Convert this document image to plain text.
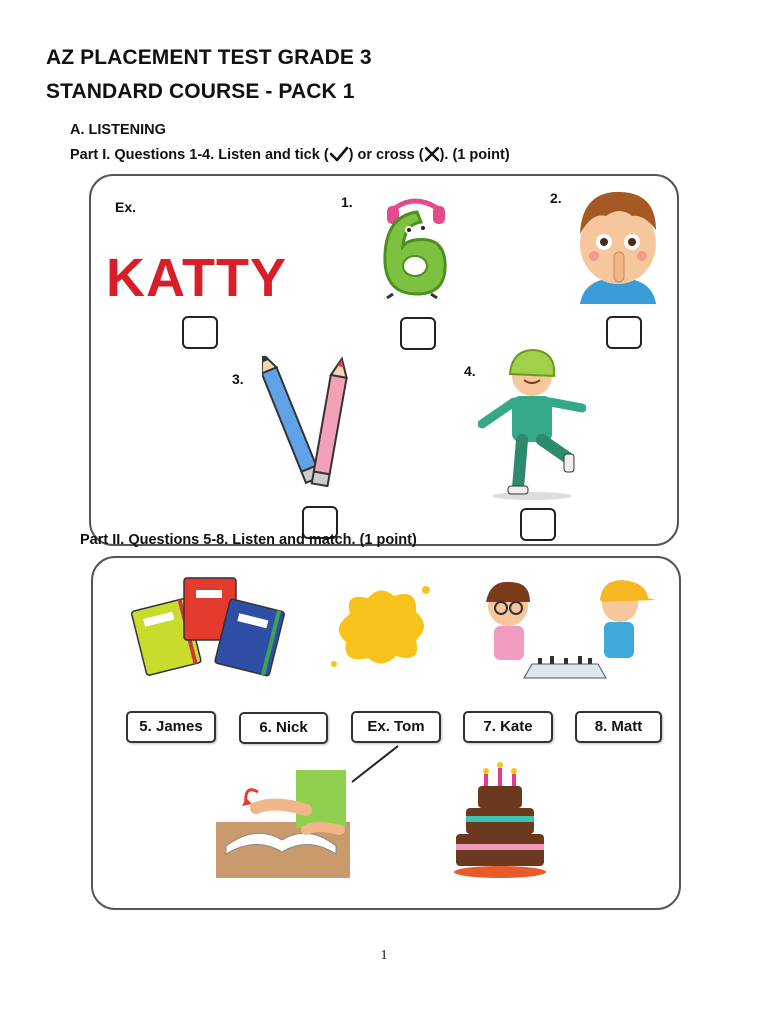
AZ PLACEMENT TEST GRADE 3
STANDARD COURSE - PACK 1
A. LISTENING
Part I. Questions 1-4. Listen and tick ( ) or cross ( ). (1 point)
Ex.
KATTY
1.	2.
3.	4.
Part II. Questions 5-8. Listen and match. (1 point)
5. James	6. Nick	Ex. Tom	7. Kate	8. Matt
1
